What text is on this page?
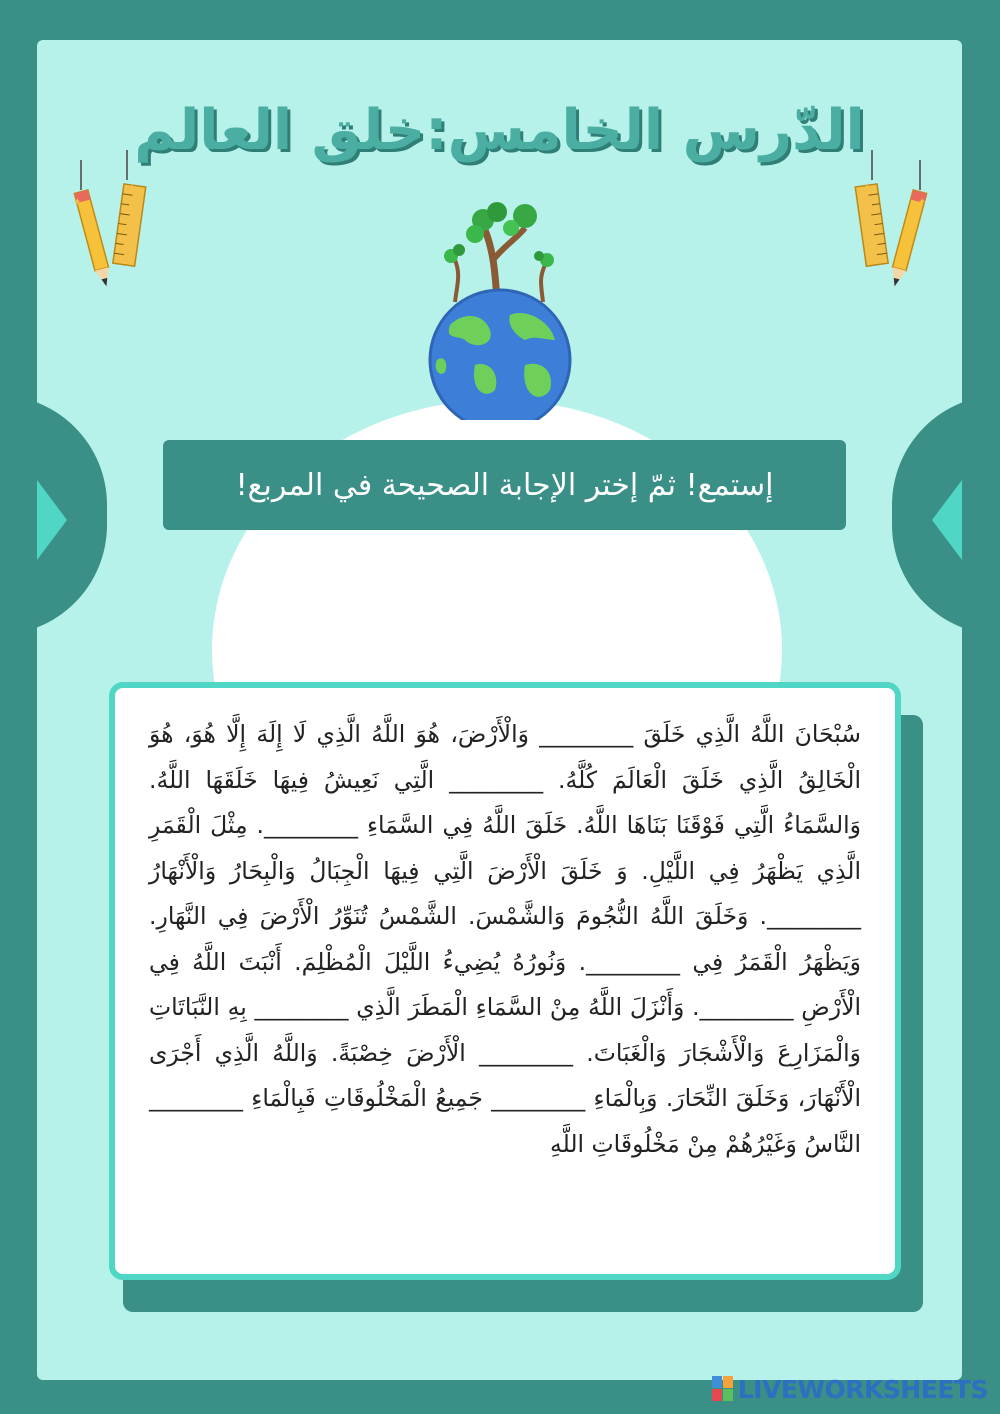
الدّرس الخامس:خلق العالم
✦
✦
✦
✦
إستمع! ثمّ إختر الإجابة الصحيحة في المربع!

سُبْحَانَ اللَّهُ الَّذِي خَلَقَ ________ وَالْأَرْضَ، هُوَ اللَّهُ الَّذِي لَا إِلَهَ إِلَّا هُوَ، هُوَ الْخَالِقُ الَّذِي خَلَقَ الْعَالَمَ كُلَّهُ. ________ الَّتِي نَعِيشُ فِيهَا خَلَقَهَا اللَّهُ. وَالسَّمَاءُ الَّتِي فَوْقَنَا بَنَاهَا اللَّهُ. خَلَقَ اللَّهُ فِي السَّمَاءِ ________. مِثْلَ الْقَمَرِ الَّذِي يَظْهَرُ فِي اللَّيْلِ. وَ خَلَقَ الْأَرْضَ الَّتِي فِيهَا الْجِبَالُ وَالْبِحَارُ وَالْأَنْهَارُ ________. وَخَلَقَ اللَّهُ النُّجُومَ وَالشَّمْسَ. الشَّمْسُ تُنَوِّرُ الْأَرْضَ فِي النَّهَارِ. وَيَظْهَرُ الْقَمَرُ فِي ________. وَنُورُهُ يُضِيءُ اللَّيْلَ الْمُظْلِمَ. أَنْبَتَ اللَّهُ فِي الْأَرْضِ ________. وَأَنْزَلَ اللَّهُ مِنْ السَّمَاءِ الْمَطَرَ الَّذِي ________ بِهِ النَّبَاتَاتِ وَالْمَزَارِعَ وَالْأَشْجَارَ وَالْغَبَاتَ. ________ الْأَرْضَ خِصْبَةً. وَاللَّهُ الَّذِي أَجْرَى الْأَنْهَارَ، وَخَلَقَ النِّحَارَ. وَبِالْمَاءِ ________ جَمِيعُ الْمَخْلُوقَاتِ فَبِالْمَاءِ ________ النَّاسُ وَغَيْرُهُمْ مِنْ مَخْلُوقَاتِ اللَّهِ

LIVEWORKSHEETS
